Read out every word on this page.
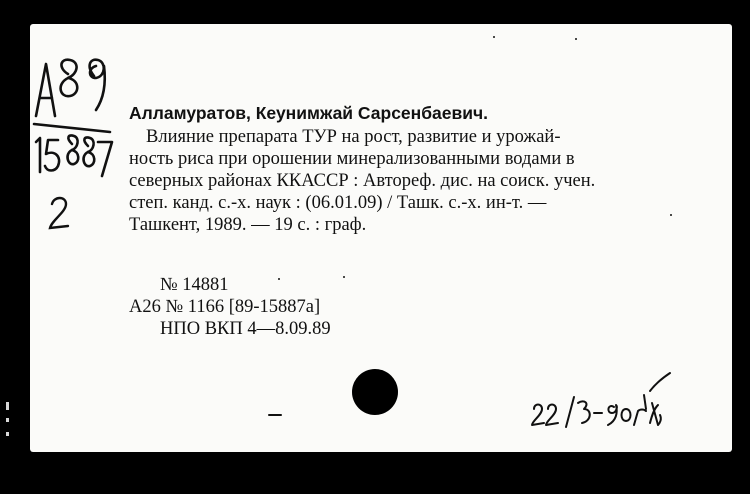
Алламуратов, Кеунимжай Сарсенбаевич.
Влияние препарата ТУР на рост, развитие и урожай-
ность риса при орошении минерализованными водами в
северных районах ККАССР : Автореф. дис. на соиск. учен.
степ. канд. с.-х. наук : (06.01.09) / Ташк. с.-х. ин-т. —
Ташкент, 1989. — 19 с. : граф.
№ 14881
А26 № 1166 [89-15887а]
НПО ВКП 4—8.09.89
